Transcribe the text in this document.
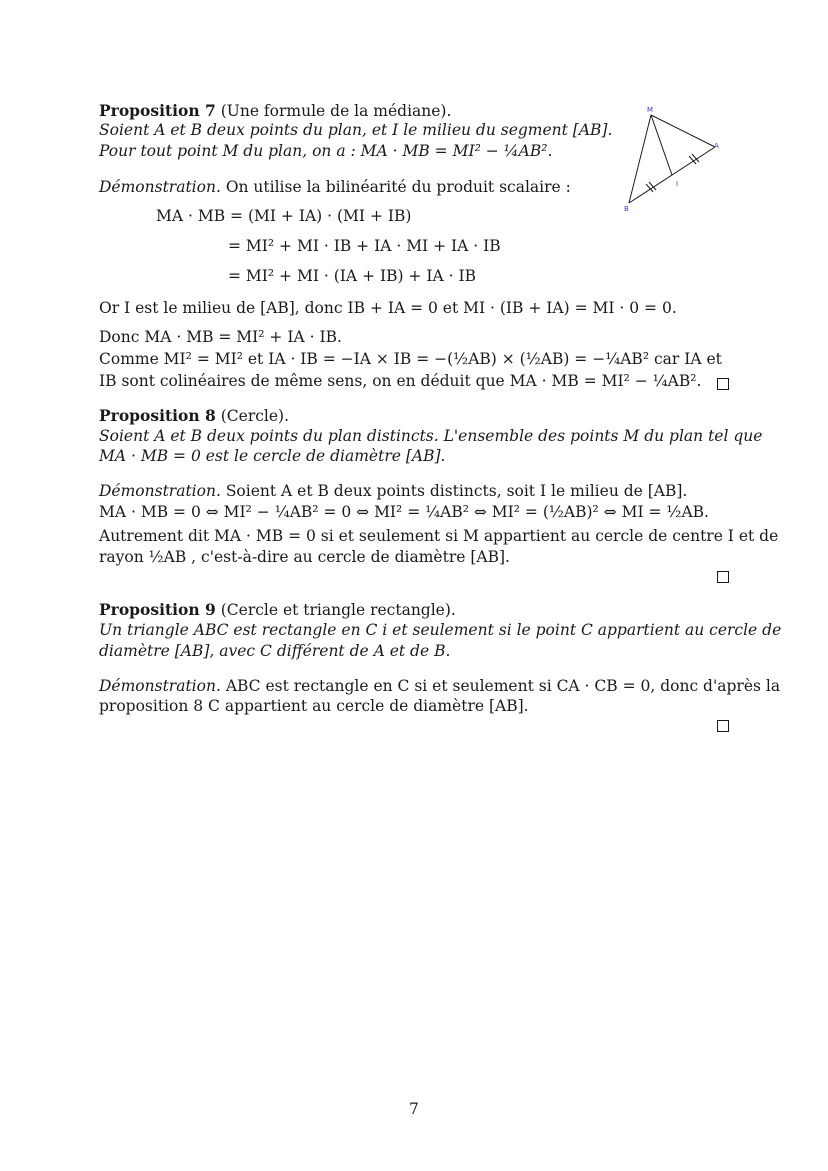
Proposition 7 (Une formule de la médiane).
Soient A et B deux points du plan, et I le milieu du segment [AB].
Pour tout point M du plan, on a : MA · MB = MI² − ¼AB².
M
A
I
B
Démonstration. On utilise la bilinéarité du produit scalaire :
MA · MB = (MI + IA) · (MI + IB)
= MI² + MI · IB + IA · MI + IA · IB
= MI² + MI · (IA + IB) + IA · IB
Or I est le milieu de [AB], donc IB + IA = 0 et MI · (IB + IA) = MI · 0 = 0.
Donc MA · MB = MI² + IA · IB.
Comme MI² = MI² et IA · IB = −IA × IB = −(½AB) × (½AB) = −¼AB² car IA et
IB sont colinéaires de même sens, on en déduit que MA · MB = MI² − ¼AB².
Proposition 8 (Cercle).
Soient A et B deux points du plan distincts. L'ensemble des points M du plan tel que
MA · MB = 0 est le cercle de diamètre [AB].
Démonstration. Soient A et B deux points distincts, soit I le milieu de [AB].
MA · MB = 0 ⇔ MI² − ¼AB² = 0 ⇔ MI² = ¼AB² ⇔ MI² = (½AB)² ⇔ MI = ½AB.
Autrement dit MA · MB = 0 si et seulement si M appartient au cercle de centre I et de
rayon ½AB , c'est-à-dire au cercle de diamètre [AB].
Proposition 9 (Cercle et triangle rectangle).
Un triangle ABC est rectangle en C i et seulement si le point C appartient au cercle de
diamètre [AB], avec C différent de A et de B.
Démonstration. ABC est rectangle en C si et seulement si CA · CB = 0, donc d'après la
proposition 8 C appartient au cercle de diamètre [AB].
7
